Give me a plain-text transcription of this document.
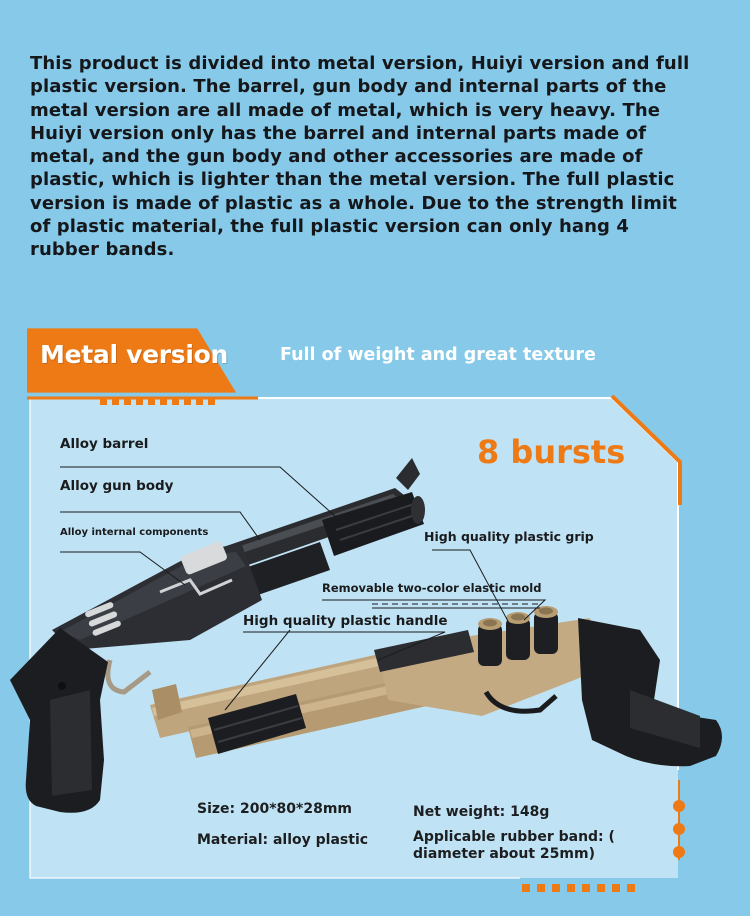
This product is divided into metal version, Huiyi version and full plastic version. The barrel, gun body and internal parts of the metal version are all made of metal, which is very heavy. The Huiyi version only has the barrel and internal parts made of metal, and the gun body and other accessories are made of plastic, which is lighter than the metal version. The full plastic version is made of plastic as a whole. Due to the strength limit of plastic material, the full plastic version can only hang 4 rubber bands.
Metal version	Full of weight and great texture
8 bursts
Alloy barrel
Alloy gun body
Alloy internal components	High quality plastic grip
Removable two-color elastic mold
High quality plastic handle
Size: 200*80*28mm
Material: alloy plastic
Net weight: 148g
Applicable rubber band: ( diameter about 25mm)
